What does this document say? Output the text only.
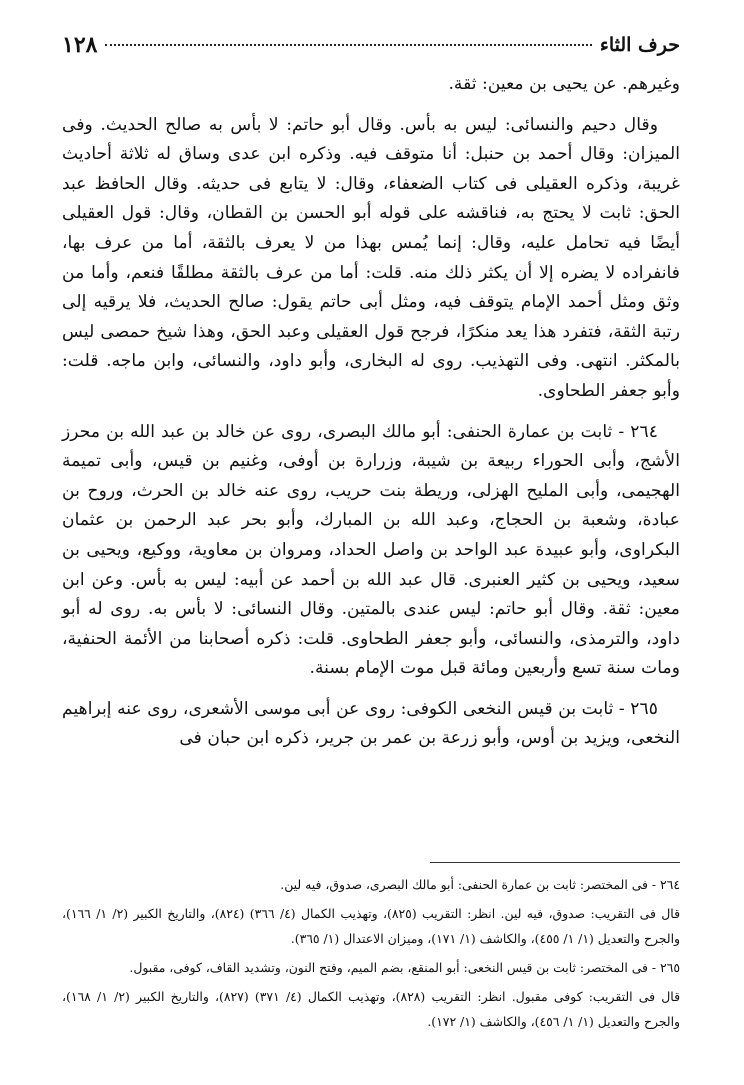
حرف الثاء
١٢٨

وغيرهم. عن يحيى بن معين: ثقة.

وقال دحيم والنسائى: ليس به بأس. وقال أبو حاتم: لا بأس به صالح الحديث. وفى الميزان: وقال أحمد بن حنبل: أنا متوقف فيه. وذكره ابن عدى وساق له ثلاثة أحاديث غريبة، وذكره العقيلى فى كتاب الضعفاء، وقال: لا يتابع فى حديثه. وقال الحافظ عبد الحق: ثابت لا يحتج به، فناقشه على قوله أبو الحسن بن القطان، وقال: قول العقيلى أيضًا فيه تحامل عليه، وقال: إنما يُمس بهذا من لا يعرف بالثقة، أما من عرف بها، فانفراده لا يضره إلا أن يكثر ذلك منه. قلت: أما من عرف بالثقة مطلقًا فنعم، وأما من وثق ومثل أحمد الإمام يتوقف فيه، ومثل أبى حاتم يقول: صالح الحديث، فلا يرقيه إلى رتبة الثقة، فتفرد هذا يعد منكرًا، فرجح قول العقيلى وعبد الحق، وهذا شيخ حمصى ليس بالمكثر. انتهى. وفى التهذيب. روى له البخارى، وأبو داود، والنسائى، وابن ماجه. قلت: وأبو جعفر الطحاوى.

٢٦٤ - ثابت بن عمارة الحنفى: أبو مالك البصرى، روى عن خالد بن عبد الله بن محرز الأشج، وأبى الحوراء ربيعة بن شيبة، وزرارة بن أوفى، وغنيم بن قيس، وأبى تميمة الهجيمى، وأبى المليح الهزلى، وريطة بنت حريب، روى عنه خالد بن الحرث، وروح بن عبادة، وشعبة بن الحجاج، وعبد الله بن المبارك، وأبو بحر عبد الرحمن بن عثمان البكراوى، وأبو عبيدة عبد الواحد بن واصل الحداد، ومروان بن معاوية، ووكيع، ويحيى بن سعيد، ويحيى بن كثير العنبرى. قال عبد الله بن أحمد عن أبيه: ليس به بأس. وعن ابن معين: ثقة. وقال أبو حاتم: ليس عندى بالمتين. وقال النسائى: لا بأس به. روى له أبو داود، والترمذى، والنسائى، وأبو جعفر الطحاوى. قلت: ذكره أصحابنا من الأئمة الحنفية، ومات سنة تسع وأربعين ومائة قبل موت الإمام بسنة.

٢٦٥ - ثابت بن قيس النخعى الكوفى: روى عن أبى موسى الأشعرى، روى عنه إبراهيم النخعى، ويزيد بن أوس، وأبو زرعة بن عمر بن جرير، ذكره ابن حبان فى

٢٦٤ - فى المختصر: ثابت بن عمارة الحنفى: أبو مالك البصرى، صدوق، فيه لين.

قال فى التقريب: صدوق، فيه لين. انظر: التقريب (٨٢٥)، وتهذيب الكمال (٤/ ٣٦٦) (٨٢٤)، والتاريخ الكبير (٢/ ١/ ١٦٦)، والجرح والتعديل (١/ ١/ ٤٥٥)، والكاشف (١/ ١٧١)، وميزان الاعتدال (١/ ٣٦٥).

٢٦٥ - فى المختصر: ثابت بن قيس النخعى: أبو المنقع، بضم الميم، وفتح النون، وتشديد القاف، كوفى، مقبول.

قال فى التقريب: كوفى مقبول. انظر: التقريب (٨٢٨)، وتهذيب الكمال (٤/ ٣٧١) (٨٢٧)، والتاريخ الكبير (٢/ ١/ ١٦٨)، والجرح والتعديل (١/ ١/ ٤٥٦)، والكاشف (١/ ١٧٢).
